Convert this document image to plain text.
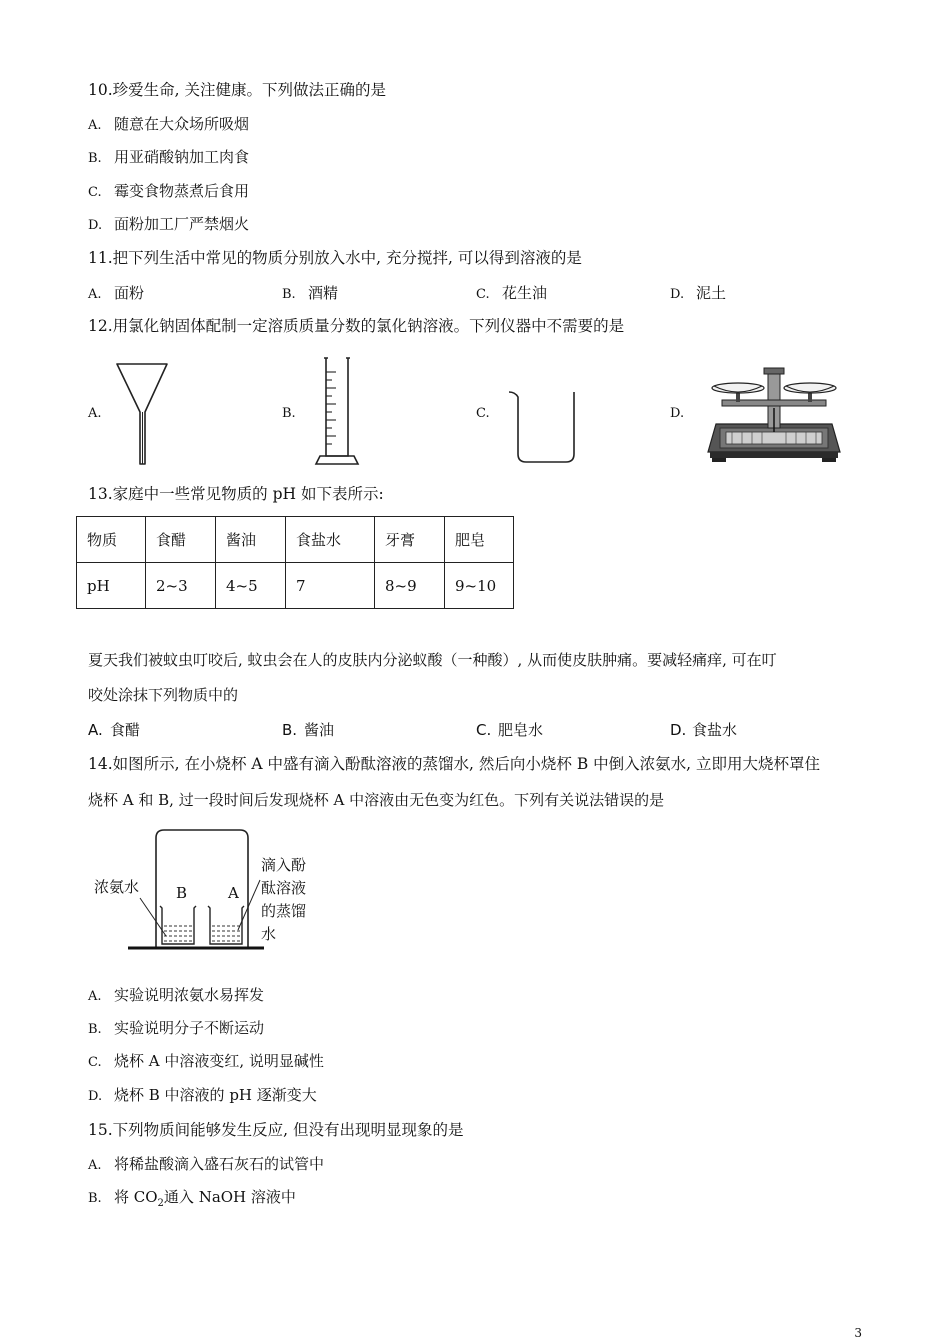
10.珍爱生命, 关注健康。下列做法正确的是
A. 随意在大众场所吸烟
B. 用亚硝酸钠加工肉食
C. 霉变食物蒸煮后食用
D. 面粉加工厂严禁烟火
11.把下列生活中常见的物质分别放入水中, 充分搅拌, 可以得到溶液的是
A. 面粉	B. 酒精	C. 花生油	D. 泥土
12.用氯化钠固体配制一定溶质质量分数的氯化钠溶液。下列仪器中不需要的是
A.	B.	C.	D.
13.家庭中一些常见物质的 pH 如下表所示:
物质	食醋	酱油	食盐水	牙膏	肥皂
pH	2~3	4~5	7	8~9	9~10
夏天我们被蚊虫叮咬后, 蚊虫会在人的皮肤内分泌蚁酸（一种酸）, 从而使皮肤肿痛。要减轻痛痒, 可在叮
咬处涂抹下列物质中的
A. 食醋	B. 酱油	C. 肥皂水	D. 食盐水
14.如图所示, 在小烧杯 A 中盛有滴入酚酞溶液的蒸馏水, 然后向小烧杯 B 中倒入浓氨水, 立即用大烧杯罩住
烧杯 A 和 B, 过一段时间后发现烧杯 A 中溶液由无色变为红色。下列有关说法错误的是
浓氨水 B	A
滴入酚
酞溶液
的蒸馏
水
A. 实验说明浓氨水易挥发
B. 实验说明分子不断运动
C. 烧杯 A 中溶液变红, 说明显碱性
D. 烧杯 B 中溶液的 pH 逐渐变大
15.下列物质间能够发生反应, 但没有出现明显现象的是
A. 将稀盐酸滴入盛石灰石的试管中
B. 将 $CO_2$通入 NaOH 溶液中
3
